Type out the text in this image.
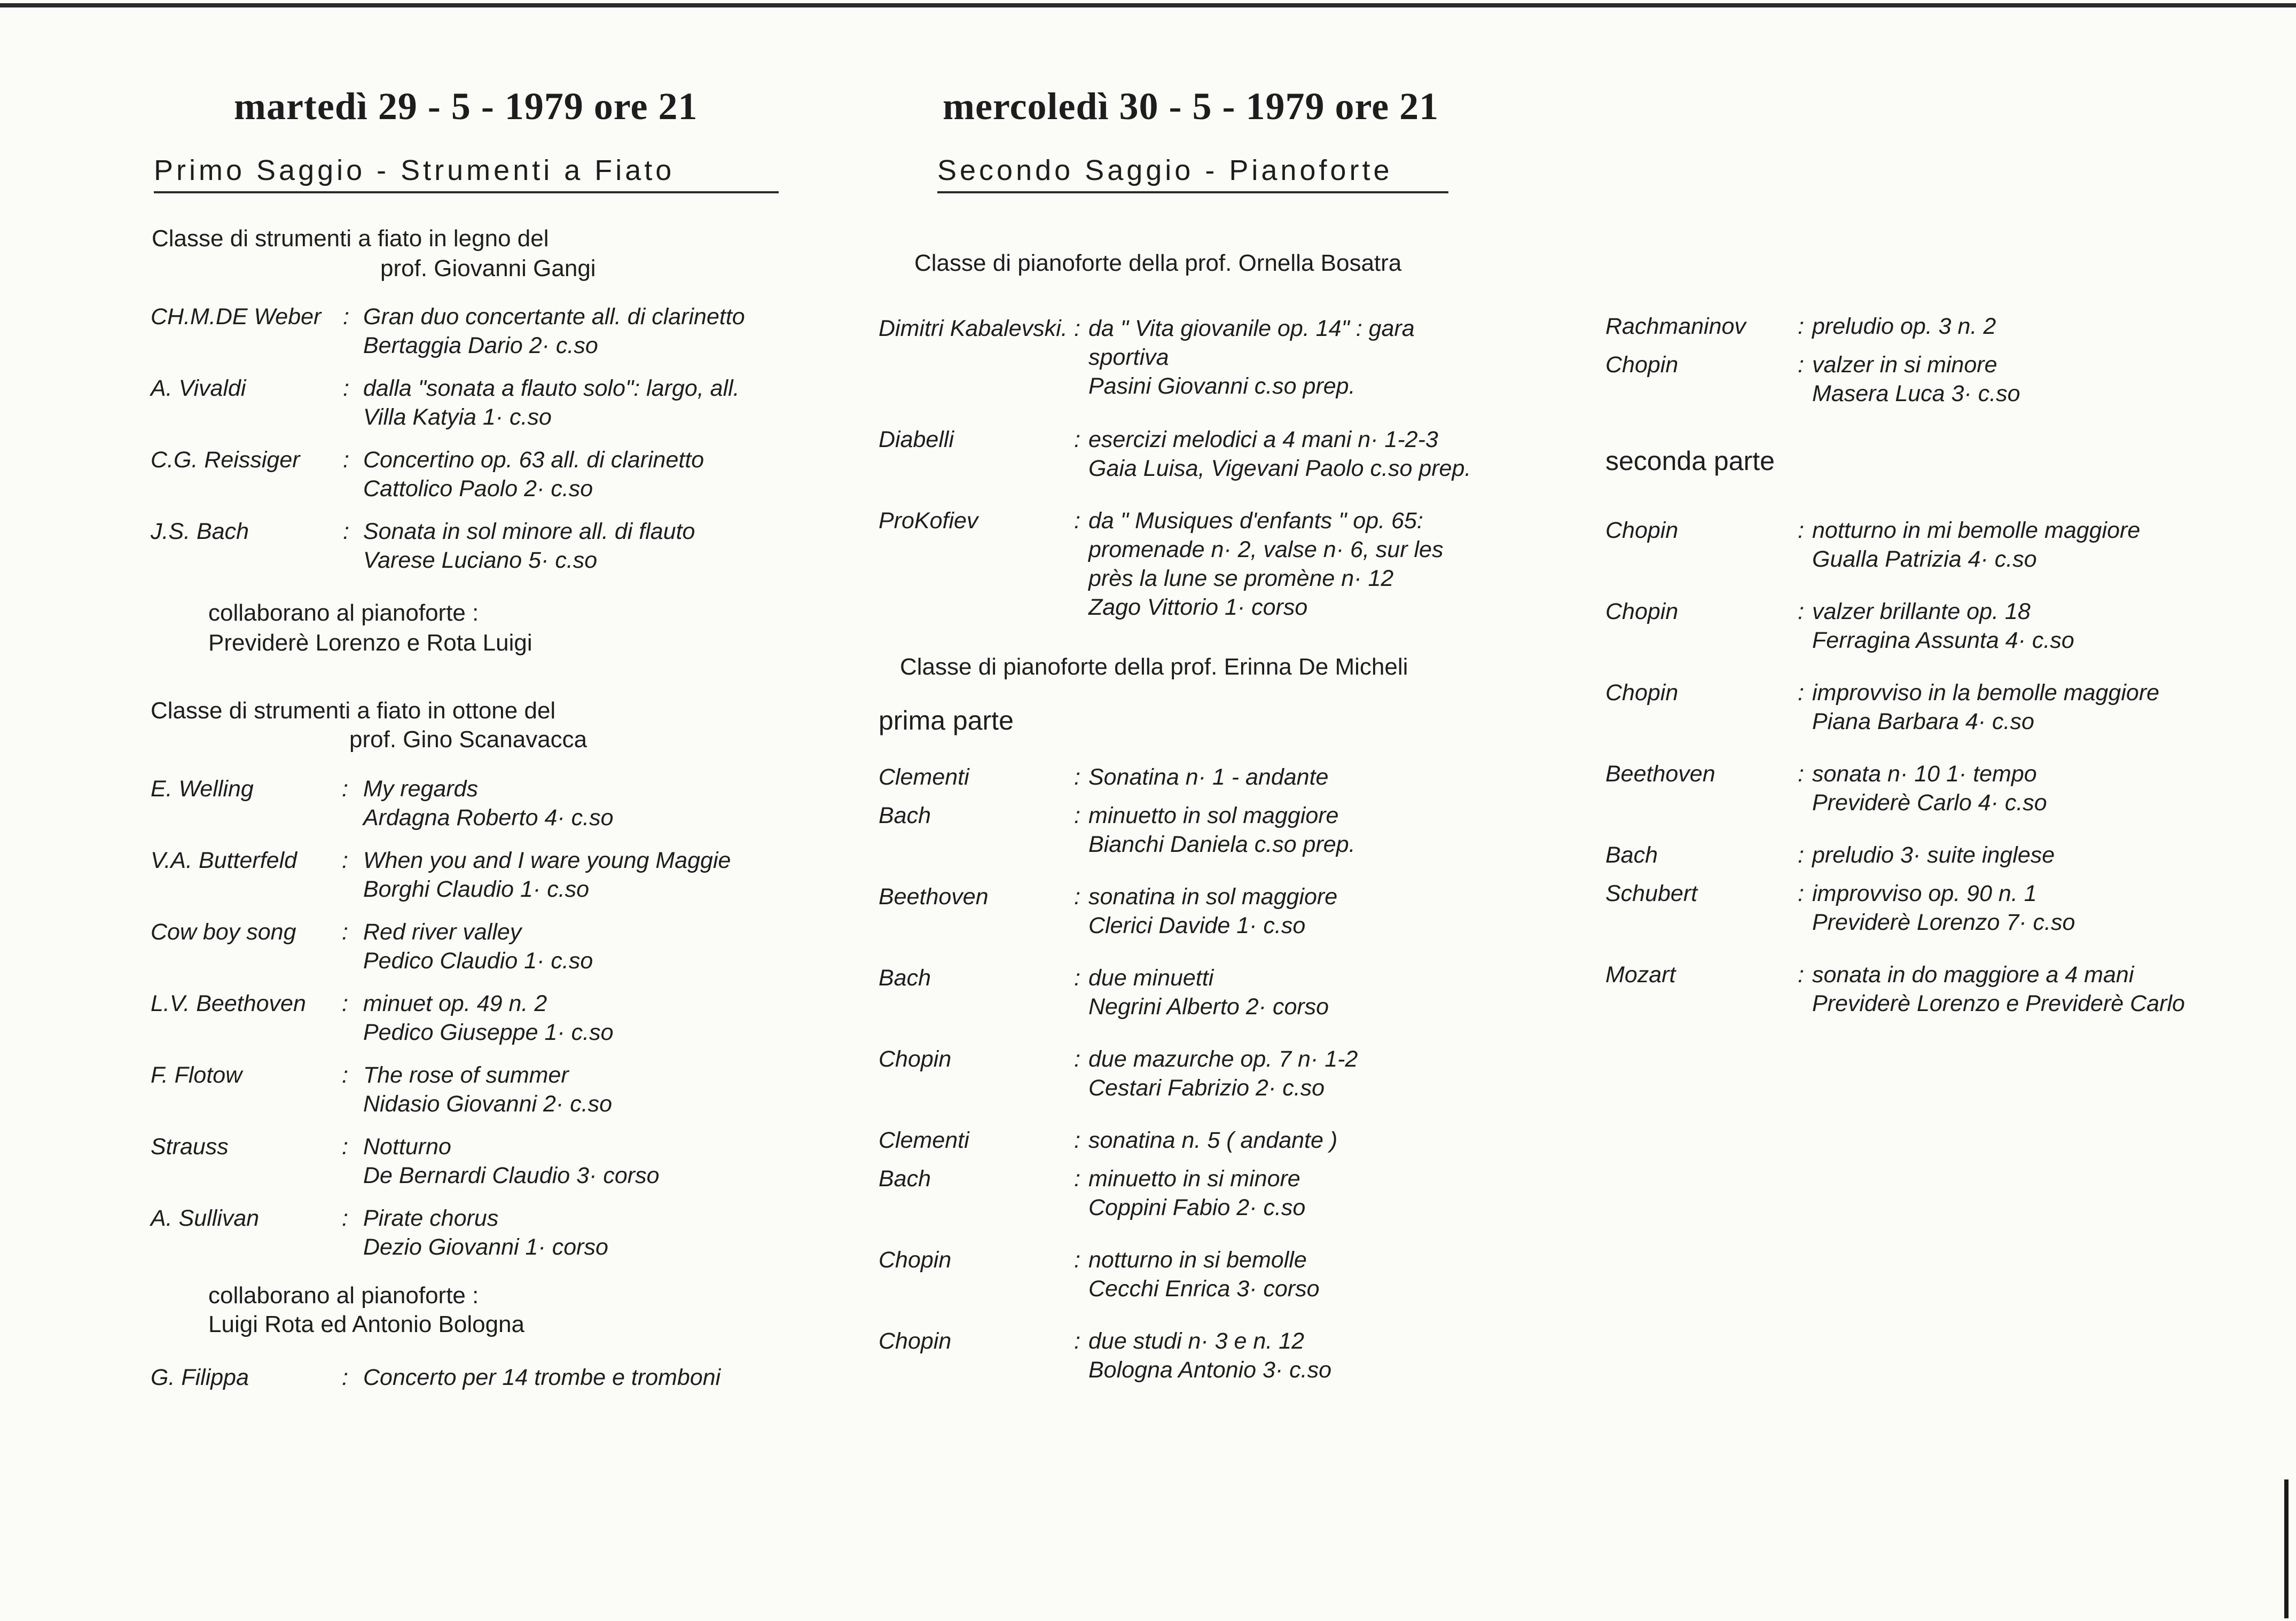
martedì 29 - 5 - 1979 ore 21
Primo Saggio - Strumenti a Fiato
Classe di strumenti a fiato in legno del
prof. Giovanni Gangi
CH.M.DE Weber : Gran duo concertante all. di clarinetto
Bertaggia Dario 2· c.so
A. Vivaldi	: dalla "sonata a flauto solo": largo, all.
Villa Katyia 1· c.so
C.G. Reissiger : Concertino op. 63 all. di clarinetto
Cattolico Paolo 2· c.so
J.S. Bach	: Sonata in sol minore all. di flauto
Varese Luciano 5· c.so
collaborano al pianoforte :
Previderè Lorenzo e Rota Luigi
Classe di strumenti a fiato in ottone del
prof. Gino Scanavacca
E. Welling	: My regards
Ardagna Roberto 4· c.so
V.A. Butterfeld : When you and I ware young Maggie
Borghi Claudio 1· c.so
Cow boy song : Red river valley
Pedico Claudio 1· c.so
L.V. Beethoven : minuet op. 49 n. 2
Pedico Giuseppe 1· c.so
F. Flotow	: The rose of summer
Nidasio Giovanni 2· c.so
Strauss	: Notturno
De Bernardi Claudio 3· corso
A. Sullivan	: Pirate chorus
Dezio Giovanni 1· corso
collaborano al pianoforte :
Luigi Rota ed Antonio Bologna
G. Filippa	: Concerto per 14 trombe e tromboni
mercoledì 30 - 5 - 1979 ore 21
Secondo Saggio - Pianoforte
Classe di pianoforte della prof. Ornella Bosatra
Dimitri Kabalevski. : da " Vita giovanile op. 14" : gara
sportiva
Pasini Giovanni c.so prep.
Diabelli	: esercizi melodici a 4 mani n· 1-2-3
Gaia Luisa, Vigevani Paolo c.so prep.
ProKofiev	: da " Musiques d'enfants " op. 65:
promenade n· 2, valse n· 6, sur les
près la lune se promène n· 12
Zago Vittorio 1· corso
Classe di pianoforte della prof. Erinna De Micheli
prima parte
Clementi	: Sonatina n· 1 - andante
Bach	: minuetto in sol maggiore
Bianchi Daniela c.so prep.
Beethoven	: sonatina in sol maggiore
Clerici Davide 1· c.so
Bach	: due minuetti
Negrini Alberto 2· corso
Chopin	: due mazurche op. 7 n· 1-2
Cestari Fabrizio 2· c.so
Clementi	: sonatina n. 5 ( andante )
Bach	: minuetto in si minore
Coppini Fabio 2· c.so
Chopin	: notturno in si bemolle
Cecchi Enrica 3· corso
Chopin	: due studi n· 3 e n. 12
Bologna Antonio 3· c.so
Rachmaninov : preludio op. 3 n. 2
Chopin	: valzer in si minore
Masera Luca 3· c.so
seconda parte
Chopin	: notturno in mi bemolle maggiore
Gualla Patrizia 4· c.so
Chopin	: valzer brillante op. 18
Ferragina Assunta 4· c.so
Chopin	: improvviso in la bemolle maggiore
Piana Barbara 4· c.so
Beethoven	: sonata n· 10 1· tempo
Previderè Carlo 4· c.so
Bach	: preludio 3· suite inglese
Schubert	: improvviso op. 90 n. 1
Previderè Lorenzo 7· c.so
Mozart	: sonata in do maggiore a 4 mani
Previderè Lorenzo e Previderè Carlo
